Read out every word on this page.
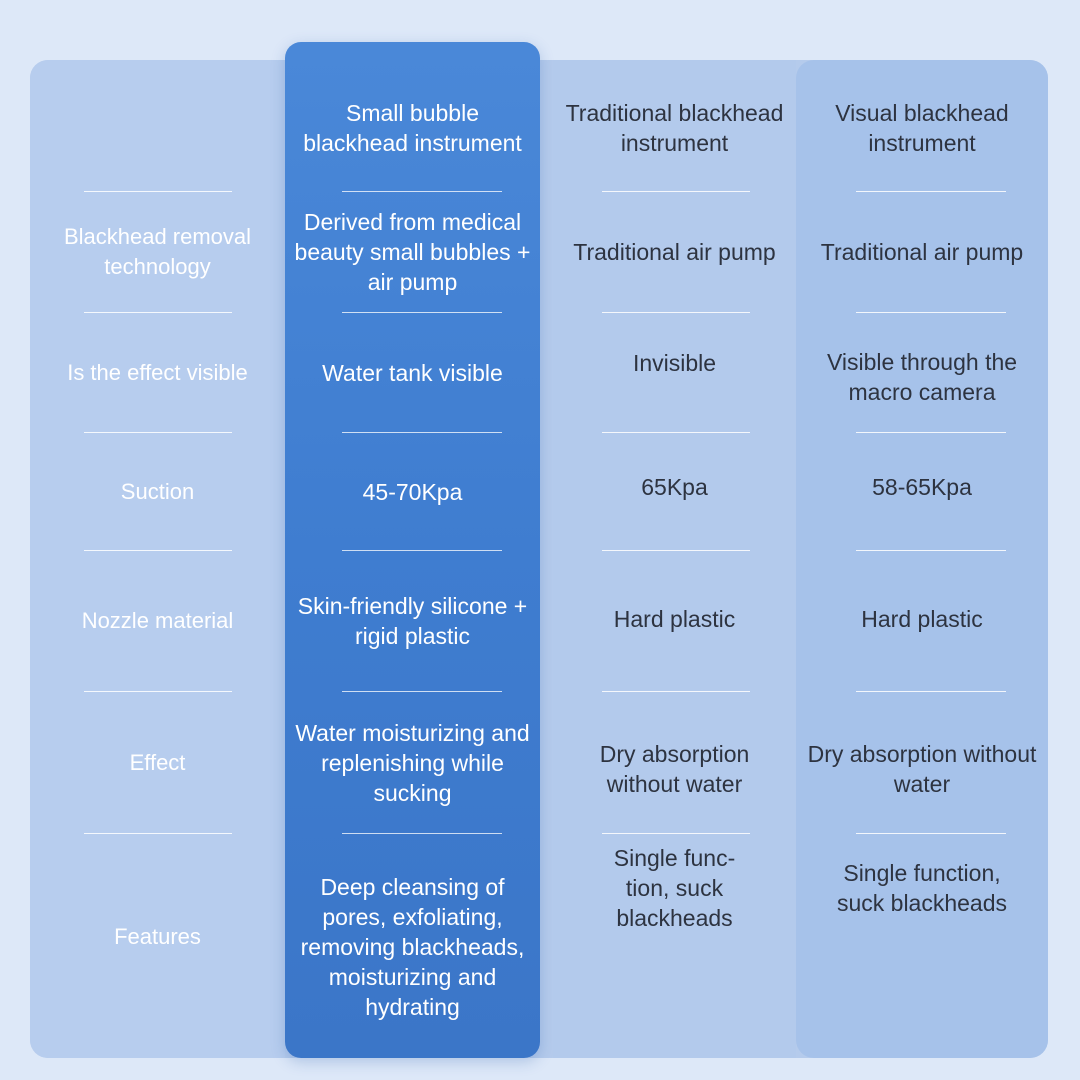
Blackhead removal technology
Is the effect visible
Suction
Nozzle material
Effect
Features
Small bubble blackhead instrument
Derived from medical beauty small bubbles + air pump
Water tank visible
45-70Kpa
Skin-friendly silicone + rigid plastic
Water moisturizing and replenishing while sucking
Deep cleansing of pores, exfoliating, removing blackheads, moisturizing and hydrating
Traditional blackhead instrument
Traditional air pump
Invisible
65Kpa
Hard plastic
Dry absorption without water
Single func- tion, suck blackheads
Visual blackhead instrument
Traditional air pump
Visible through the macro camera
58-65Kpa
Hard plastic
Dry absorption without water
Single function, suck blackheads
